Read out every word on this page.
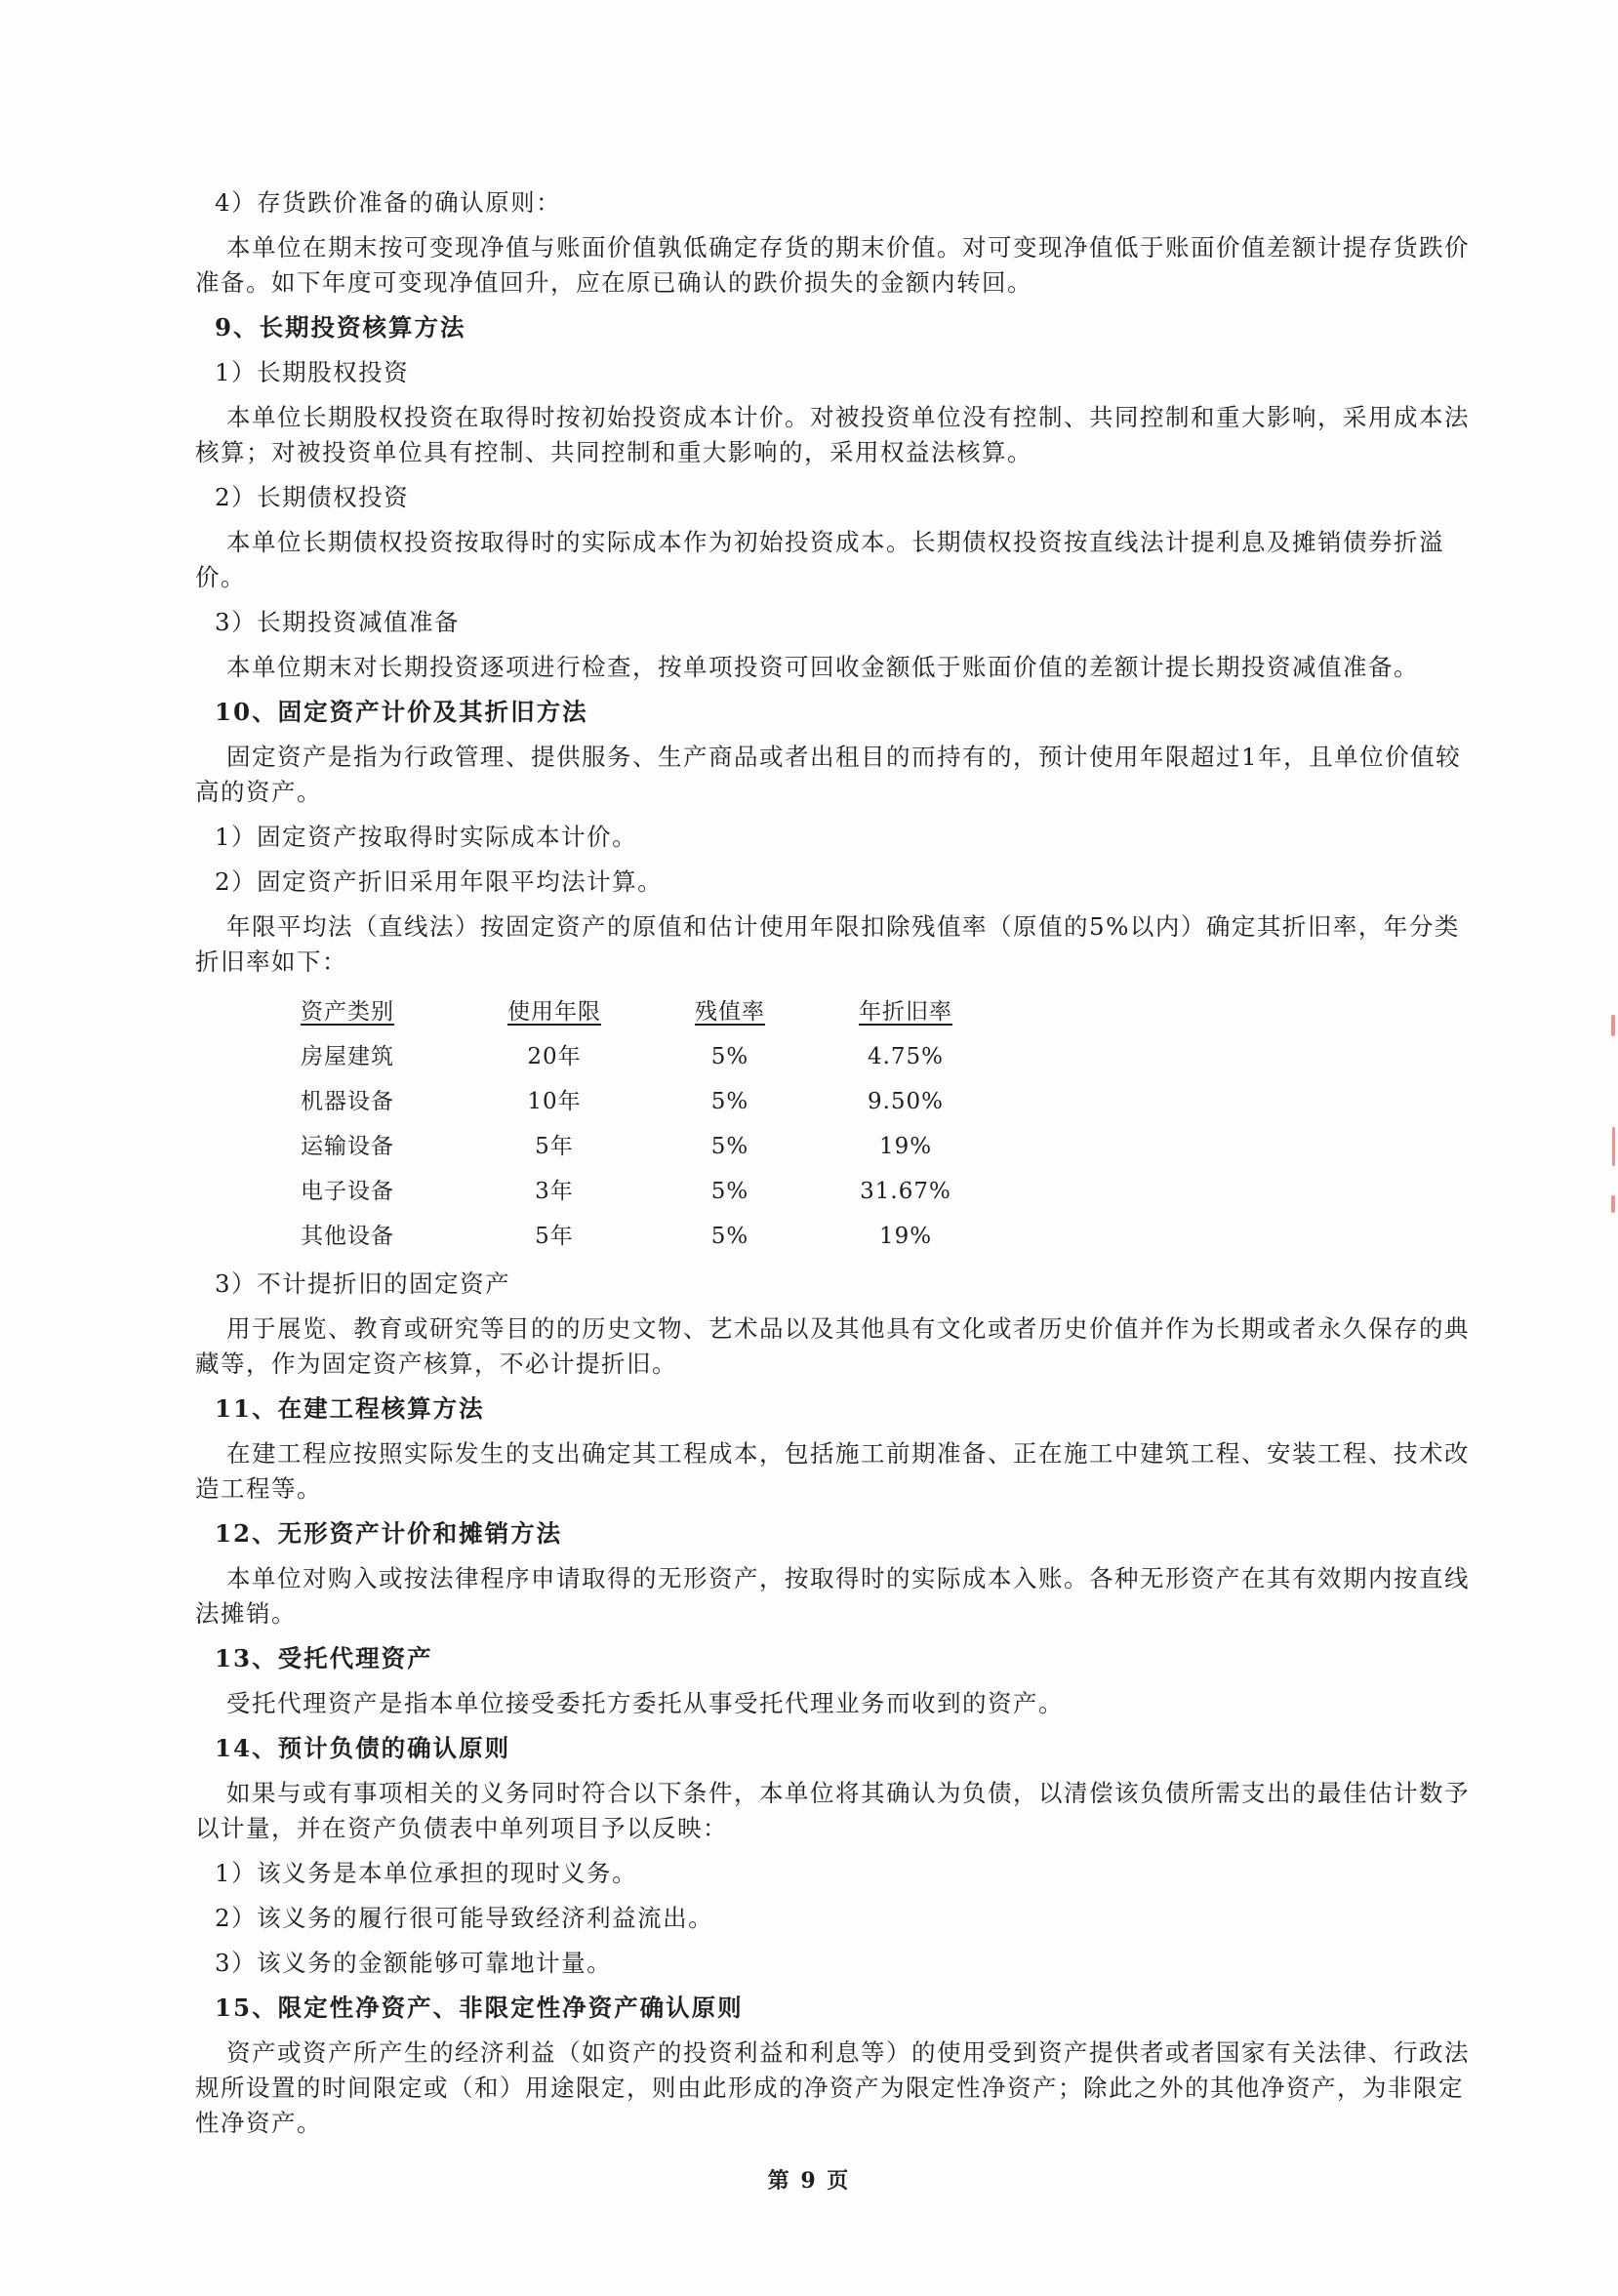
4）存货跌价准备的确认原则：

本单位在期末按可变现净值与账面价值孰低确定存货的期末价值。对可变现净值低于账面价值差额计提存货跌价准备。如下年度可变现净值回升，应在原已确认的跌价损失的金额内转回。

9、长期投资核算方法

1）长期股权投资

本单位长期股权投资在取得时按初始投资成本计价。对被投资单位没有控制、共同控制和重大影响，采用成本法核算；对被投资单位具有控制、共同控制和重大影响的，采用权益法核算。

2）长期债权投资

本单位长期债权投资按取得时的实际成本作为初始投资成本。长期债权投资按直线法计提利息及摊销债券折溢价。

3）长期投资减值准备

本单位期末对长期投资逐项进行检查，按单项投资可回收金额低于账面价值的差额计提长期投资减值准备。

10、固定资产计价及其折旧方法

固定资产是指为行政管理、提供服务、生产商品或者出租目的而持有的，预计使用年限超过1年，且单位价值较高的资产。

1）固定资产按取得时实际成本计价。

2）固定资产折旧采用年限平均法计算。

年限平均法（直线法）按固定资产的原值和估计使用年限扣除残值率（原值的5%以内）确定其折旧率，年分类折旧率如下：

资产类别	使用年限	残值率	年折旧率
房屋建筑	20年	5%	4.75%
机器设备	10年	5%	9.50%
运输设备	5年	5%	19%
电子设备	3年	5%	31.67%
其他设备	5年	5%	19%

3）不计提折旧的固定资产

用于展览、教育或研究等目的的历史文物、艺术品以及其他具有文化或者历史价值并作为长期或者永久保存的典藏等，作为固定资产核算，不必计提折旧。

11、在建工程核算方法

在建工程应按照实际发生的支出确定其工程成本，包括施工前期准备、正在施工中建筑工程、安装工程、技术改造工程等。

12、无形资产计价和摊销方法

本单位对购入或按法律程序申请取得的无形资产，按取得时的实际成本入账。各种无形资产在其有效期内按直线法摊销。

13、受托代理资产

受托代理资产是指本单位接受委托方委托从事受托代理业务而收到的资产。

14、预计负债的确认原则

如果与或有事项相关的义务同时符合以下条件，本单位将其确认为负债，以清偿该负债所需支出的最佳估计数予以计量，并在资产负债表中单列项目予以反映：

1）该义务是本单位承担的现时义务。

2）该义务的履行很可能导致经济利益流出。

3）该义务的金额能够可靠地计量。

15、限定性净资产、非限定性净资产确认原则

资产或资产所产生的经济利益（如资产的投资利益和利息等）的使用受到资产提供者或者国家有关法律、行政法规所设置的时间限定或（和）用途限定，则由此形成的净资产为限定性净资产；除此之外的其他净资产，为非限定性净资产。

第 9 页
